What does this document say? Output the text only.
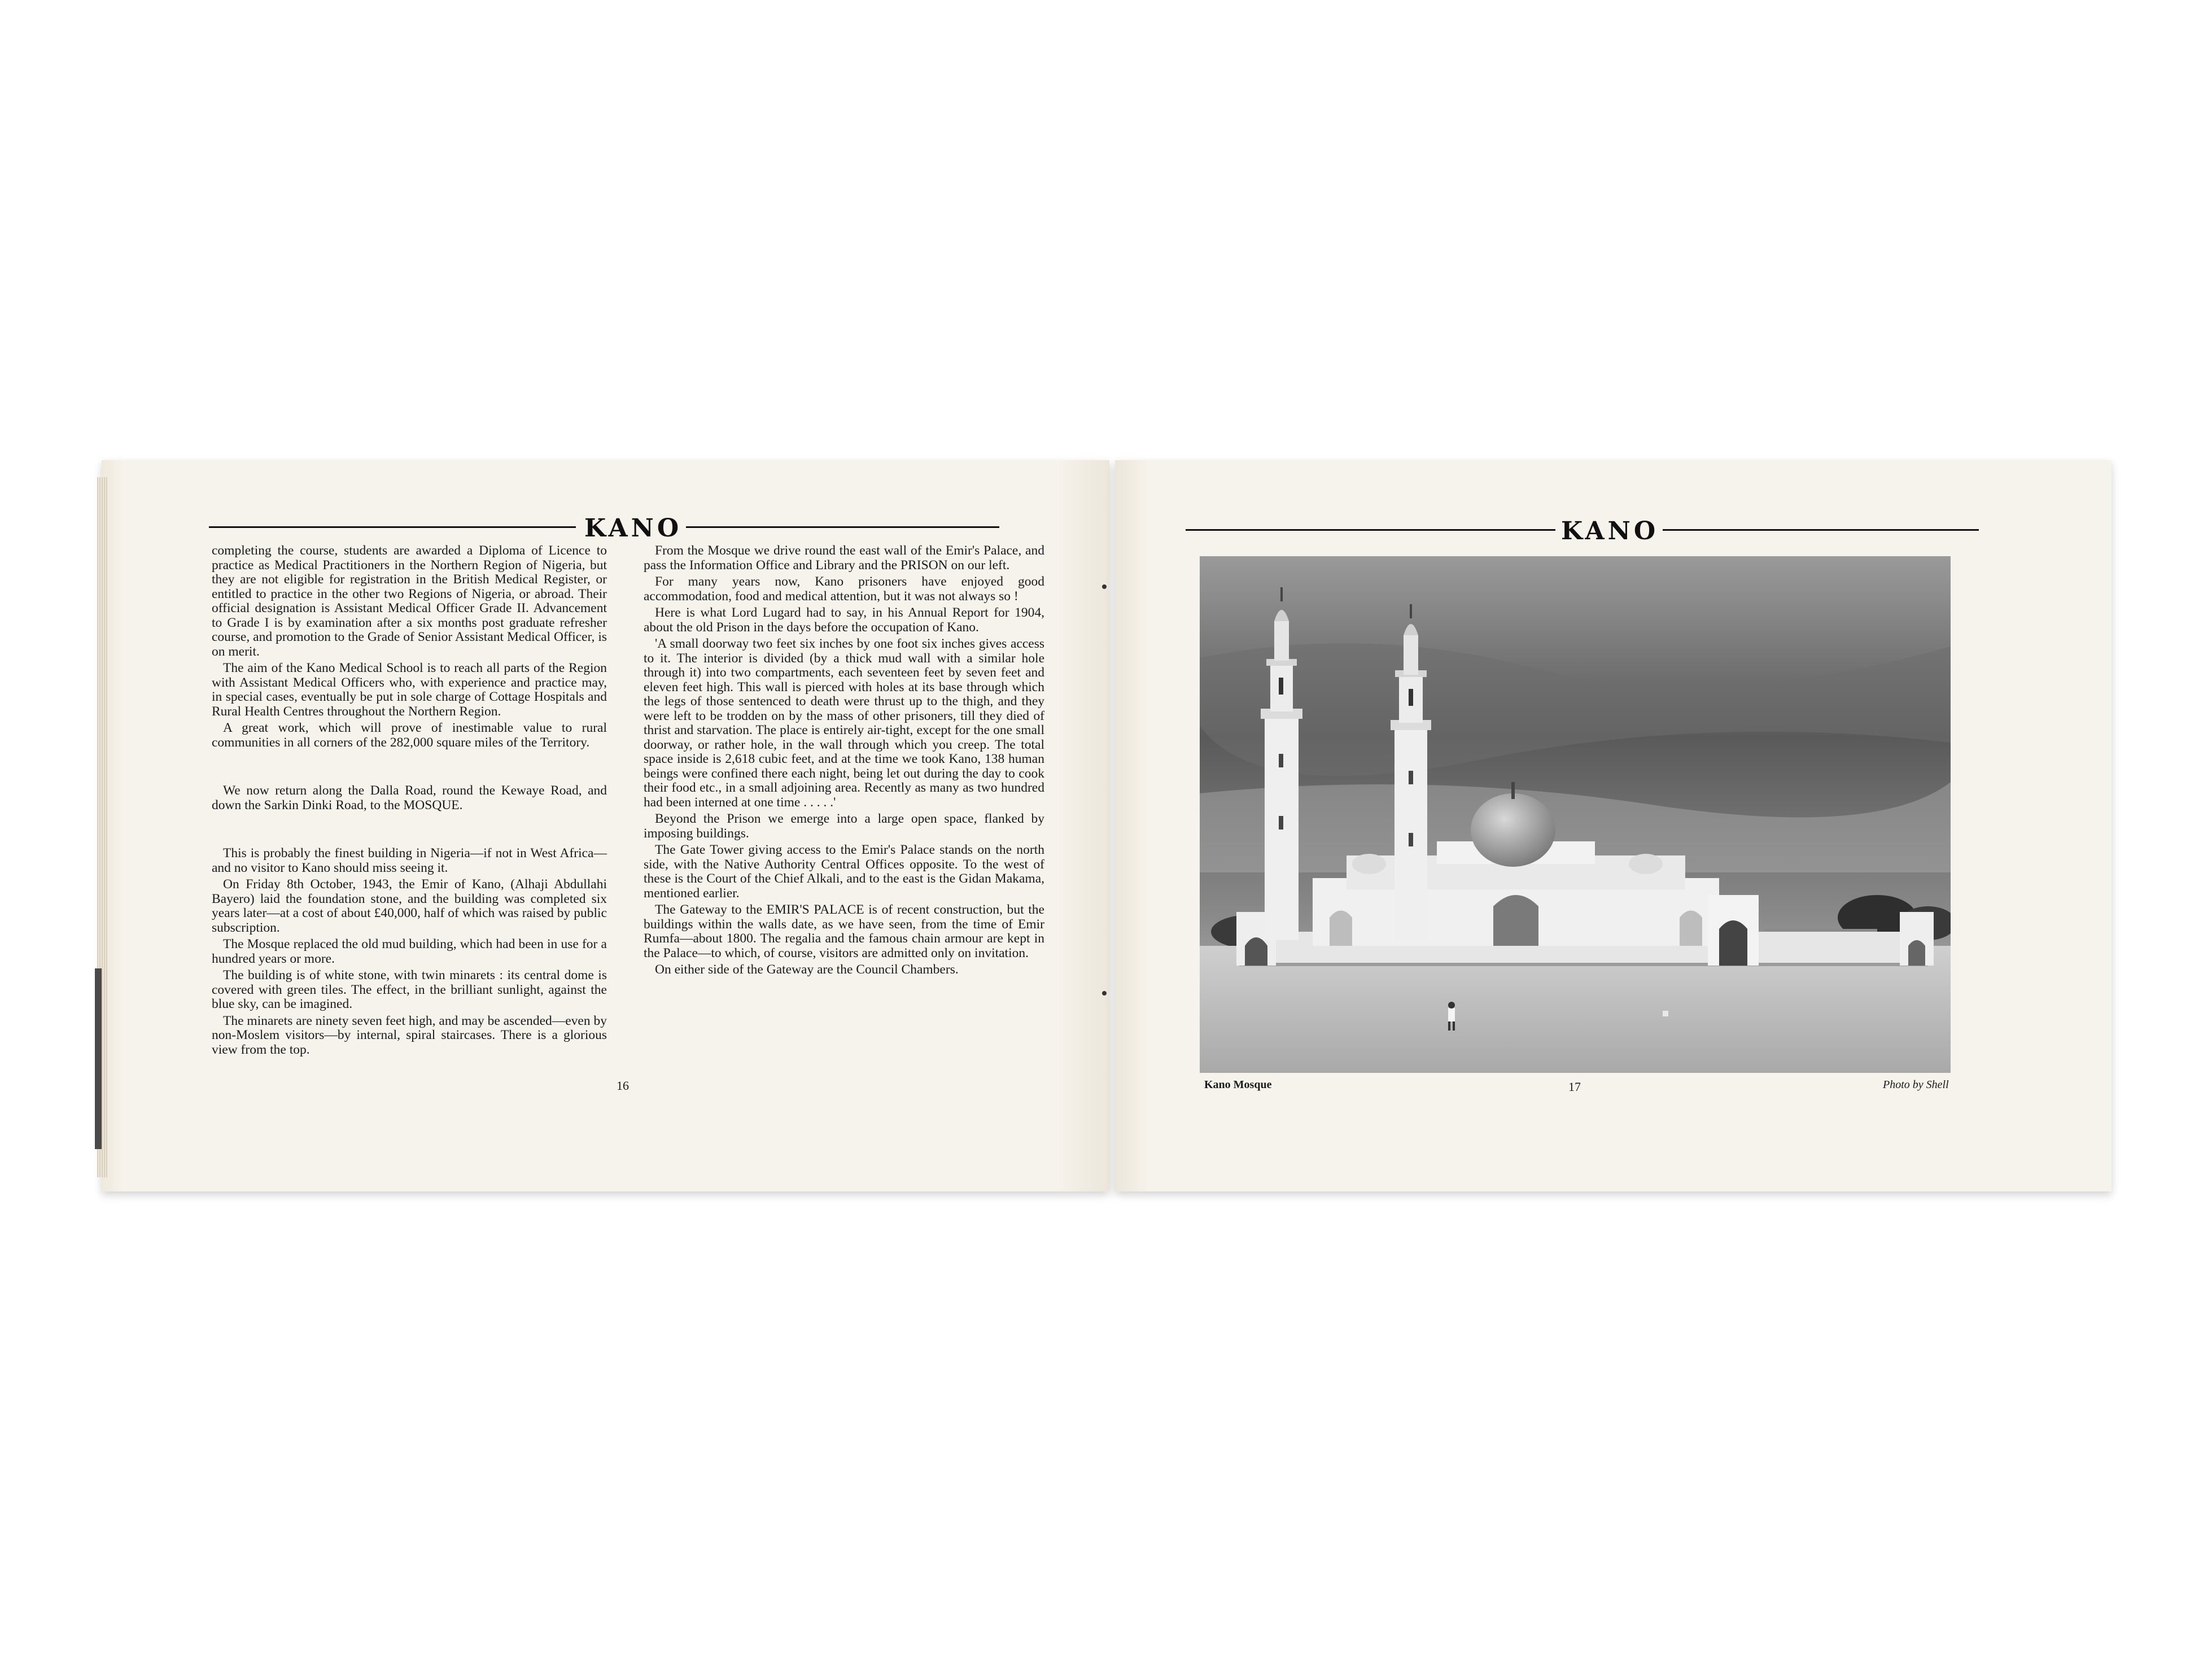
KANO

completing the course, students are awarded a Diploma of Licence to practice as Medical Practitioners in the Northern Region of Nigeria, but they are not eligible for registration in the British Medical Register, or entitled to practice in the other two Regions of Nigeria, or abroad. Their official designation is Assistant Medical Officer Grade II. Advancement to Grade I is by examination after a six months post graduate refresher course, and promotion to the Grade of Senior Assistant Medical Officer, is on merit.

The aim of the Kano Medical School is to reach all parts of the Region with Assistant Medical Officers who, with experience and practice may, in special cases, eventually be put in sole charge of Cottage Hospitals and Rural Health Centres throughout the Northern Region.

A great work, which will prove of inestimable value to rural communities in all corners of the 282,000 square miles of the Territory.

We now return along the Dalla Road, round the Kewaye Road, and down the Sarkin Dinki Road, to the MOSQUE.

This is probably the finest building in Nigeria—if not in West Africa—and no visitor to Kano should miss seeing it.

On Friday 8th October, 1943, the Emir of Kano, (Alhaji Abdullahi Bayero) laid the foundation stone, and the building was completed six years later—at a cost of about £40,000, half of which was raised by public subscription.

The Mosque replaced the old mud building, which had been in use for a hundred years or more.

The building is of white stone, with twin minarets : its central dome is covered with green tiles. The effect, in the brilliant sunlight, against the blue sky, can be imagined.

The minarets are ninety seven feet high, and may be ascended—even by non-Moslem visitors—by internal, spiral staircases. There is a glorious view from the top.

From the Mosque we drive round the east wall of the Emir's Palace, and pass the Information Office and Library and the PRISON on our left.

For many years now, Kano prisoners have enjoyed good accommodation, food and medical attention, but it was not always so !

Here is what Lord Lugard had to say, in his Annual Report for 1904, about the old Prison in the days before the occupation of Kano.

'A small doorway two feet six inches by one foot six inches gives access to it. The interior is divided (by a thick mud wall with a similar hole through it) into two compartments, each seventeen feet by seven feet and eleven feet high. This wall is pierced with holes at its base through which the legs of those sentenced to death were thrust up to the thigh, and they were left to be trodden on by the mass of other prisoners, till they died of thrist and starvation. The place is entirely air-tight, except for the one small doorway, or rather hole, in the wall through which you creep. The total space inside is 2,618 cubic feet, and at the time we took Kano, 138 human beings were confined there each night, being let out during the day to cook their food etc., in a small adjoining area. Recently as many as two hundred had been interned at one time . . . . .'

Beyond the Prison we emerge into a large open space, flanked by imposing buildings.

The Gate Tower giving access to the Emir's Palace stands on the north side, with the Native Authority Central Offices opposite. To the west of these is the Court of the Chief Alkali, and to the east is the Gidan Makama, mentioned earlier.

The Gateway to the EMIR'S PALACE is of recent construction, but the buildings within the walls date, as we have seen, from the time of Emir Rumfa—about 1800. The regalia and the famous chain armour are kept in the Palace—to which, of course, visitors are admitted only on invitation.

On either side of the Gateway are the Council Chambers.

16
KANO
Kano Mosque	17	Photo by Shell
